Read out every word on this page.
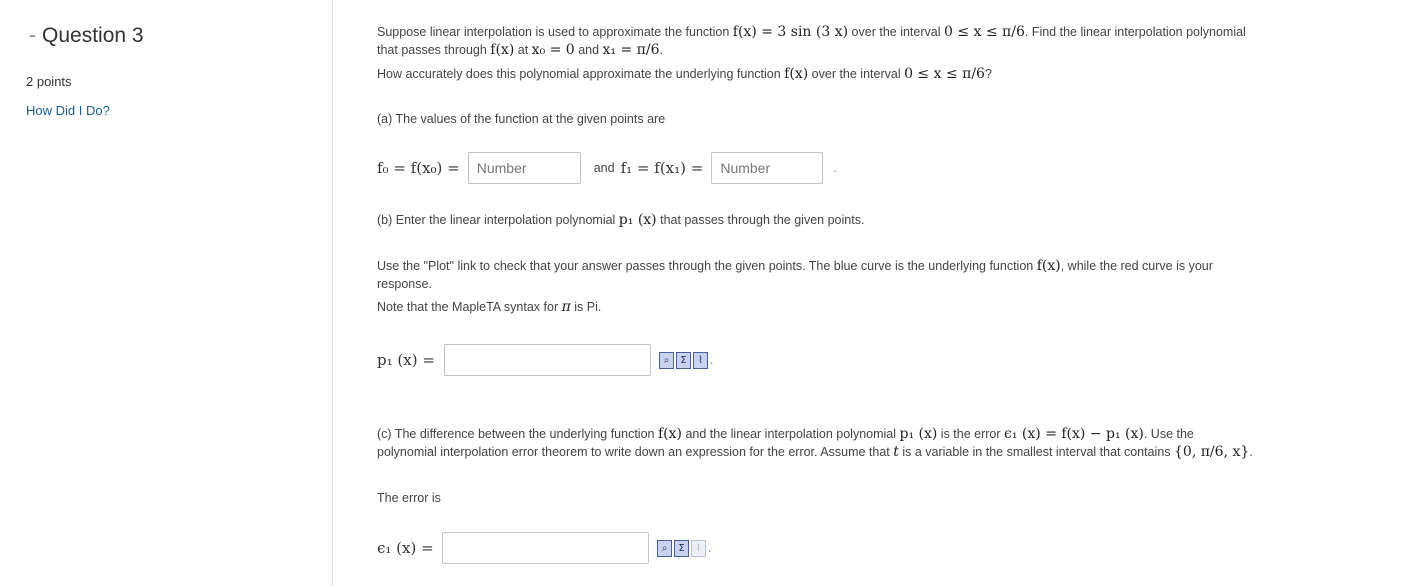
- Question 3
2 points
How Did I Do?
Suppose linear interpolation is used to approximate the function f(x) = 3 sin (3 x) over the interval 0 ≤ x ≤ π/6. Find the linear interpolation polynomial
that passes through f(x) at x₀ = 0 and x₁ = π/6.
How accurately does this polynomial approximate the underlying function f(x) over the interval 0 ≤ x ≤ π/6?
(a) The values of the function at the given points are
f₀ = f(x₀) =
Number	and f₁ = f(x₁) =
Number	.
(b) Enter the linear interpolation polynomial p₁ (x) that passes through the given points.
Use the "Plot" link to check that your answer passes through the given points. The blue curve is the underlying function f(x), while the red curve is your
response.
Note that the MapleTA syntax for π is Pi.
p₁ (x) =	⌕	Σ	⌇ .
(c) The difference between the underlying function f(x) and the linear interpolation polynomial p₁ (x) is the error ϵ₁ (x) = f(x) − p₁ (x). Use the
polynomial interpolation error theorem to write down an expression for the error. Assume that t is a variable in the smallest interval that contains {0, π/6, x}.
The error is
ϵ₁ (x) =	⌕	Σ	⌇ .
